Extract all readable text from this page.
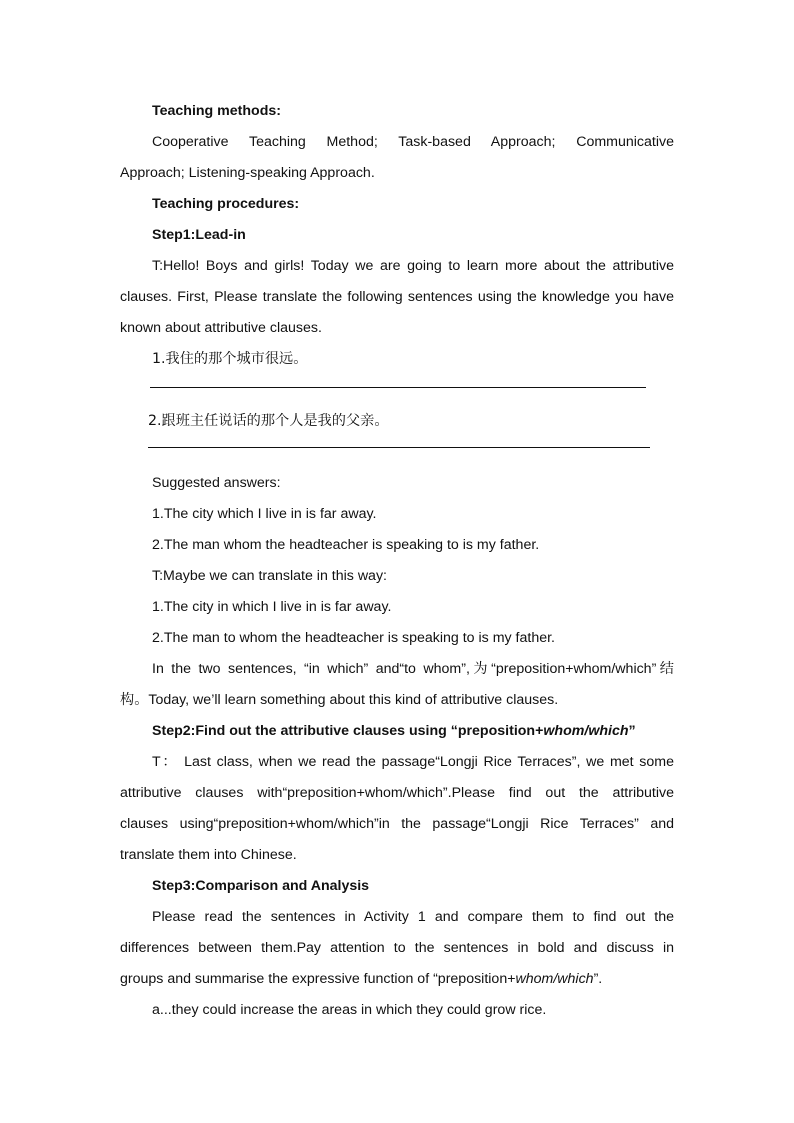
Teaching methods:

Cooperative Teaching Method; Task-based Approach; Communicative

Approach; Listening-speaking Approach.

Teaching procedures:

Step1:Lead-in

T:Hello! Boys and girls! Today we are going to learn more about the attributive

clauses. First, Please translate the following sentences using the knowledge you have

known about attributive clauses.

1.我住的那个城市很远。

2.跟班主任说话的那个人是我的父亲。

Suggested answers:

1.The city which I live in is far away.

2.The man whom the headteacher is speaking to is my father.

T:Maybe we can translate in this way:

1.The city in which I live in is far away.

2.The man to whom the headteacher is speaking to is my father.

In the two sentences, “in which” and“to whom”,为“preposition+whom/which”结

构。Today, we’ll learn something about this kind of attributive clauses.

Step2:Find out the attributive clauses using “preposition+whom/which”

T： Last class, when we read the passage“Longji Rice Terraces”, we met some

attributive clauses with“preposition+whom/which”.Please find out the attributive

clauses using“preposition+whom/which”in the passage“Longji Rice Terraces” and

translate them into Chinese.

Step3:Comparison and Analysis

Please read the sentences in Activity 1 and compare them to find out the

differences between them.Pay attention to the sentences in bold and discuss in

groups and summarise the expressive function of “preposition+whom/which”.

a...they could increase the areas in which they could grow rice.
